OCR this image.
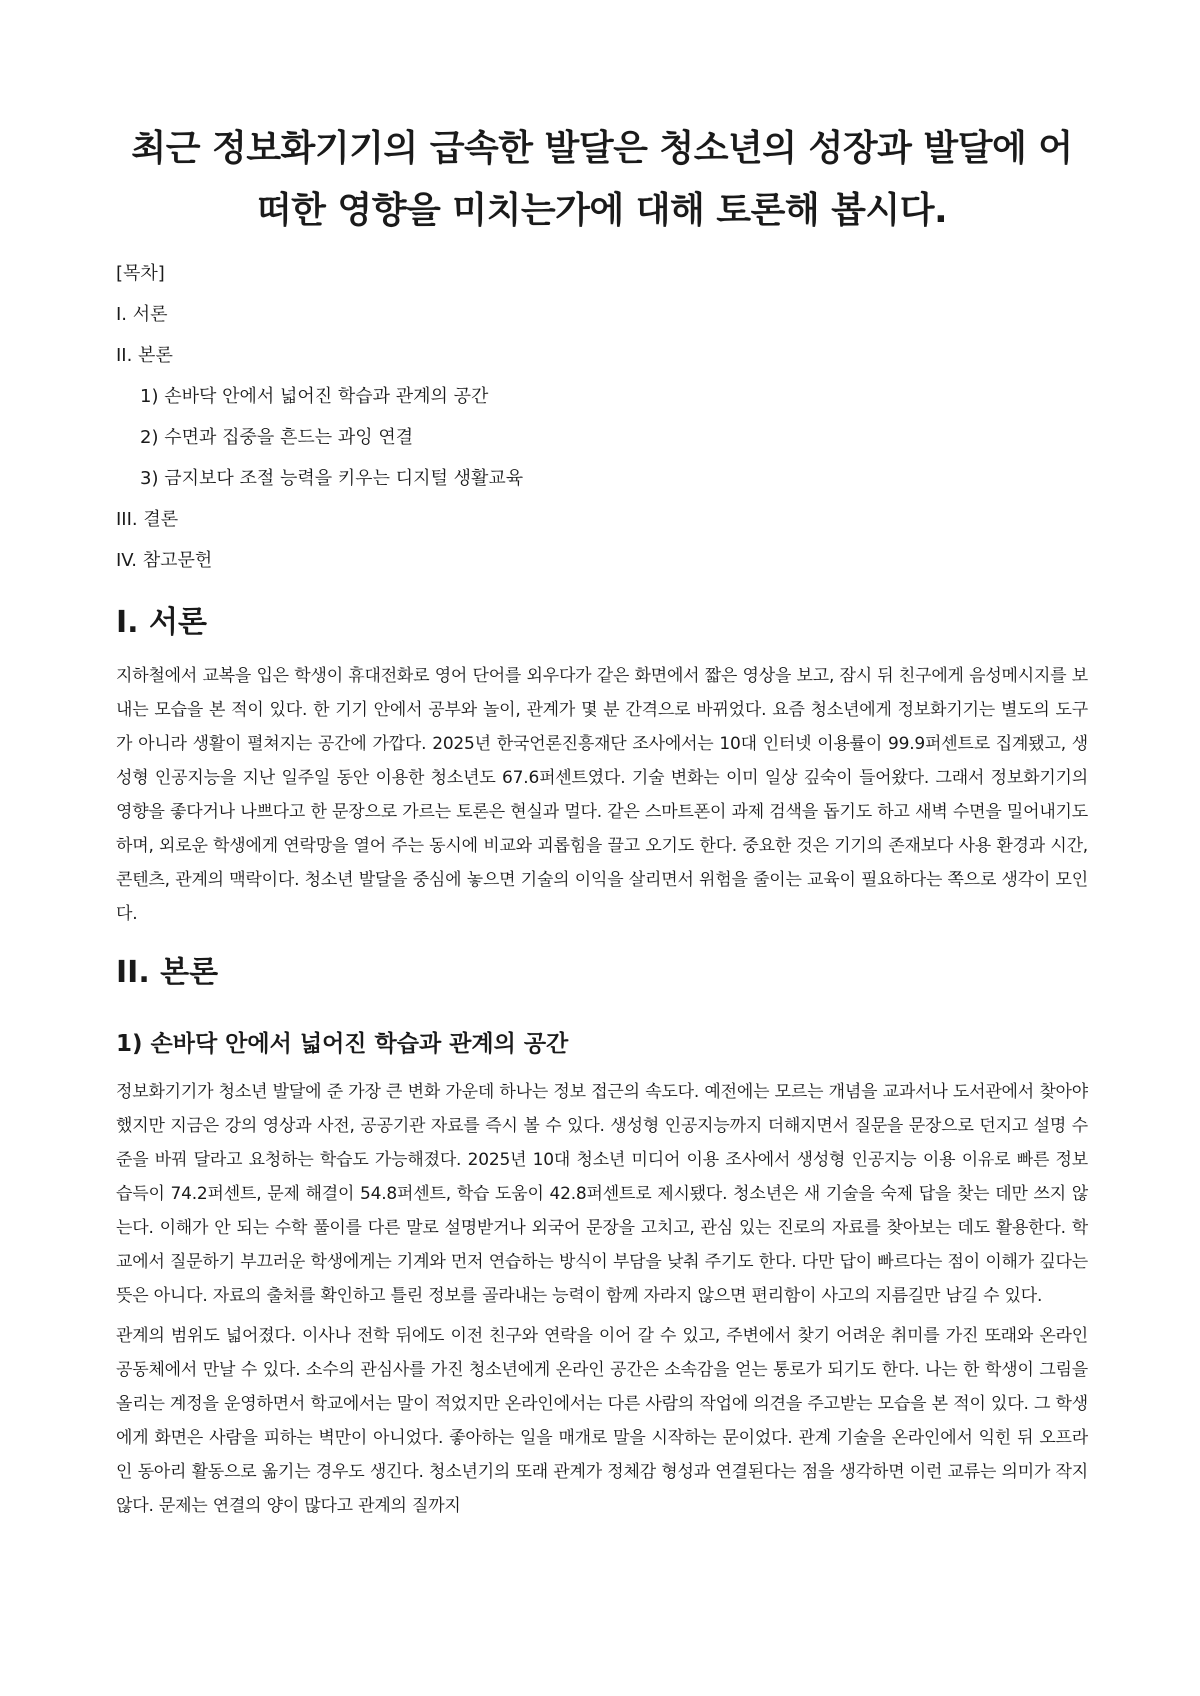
최근 정보화기기의 급속한 발달은 청소년의 성장과 발달에 어떠한 영향을 미치는가에 대해 토론해 봅시다.
[목차]
I. 서론
II. 본론
1) 손바닥 안에서 넓어진 학습과 관계의 공간
2) 수면과 집중을 흔드는 과잉 연결
3) 금지보다 조절 능력을 키우는 디지털 생활교육
III. 결론
IV. 참고문헌
I. 서론

지하철에서 교복을 입은 학생이 휴대전화로 영어 단어를 외우다가 같은 화면에서 짧은 영상을 보고, 잠시 뒤 친구에게 음성메시지를 보내는 모습을 본 적이 있다. 한 기기 안에서 공부와 놀이, 관계가 몇 분 간격으로 바뀌었다. 요즘 청소년에게 정보화기기는 별도의 도구가 아니라 생활이 펼쳐지는 공간에 가깝다. 2025년 한국언론진흥재단 조사에서는 10대 인터넷 이용률이 99.9퍼센트로 집계됐고, 생성형 인공지능을 지난 일주일 동안 이용한 청소년도 67.6퍼센트였다. 기술 변화는 이미 일상 깊숙이 들어왔다. 그래서 정보화기기의 영향을 좋다거나 나쁘다고 한 문장으로 가르는 토론은 현실과 멀다. 같은 스마트폰이 과제 검색을 돕기도 하고 새벽 수면을 밀어내기도 하며, 외로운 학생에게 연락망을 열어 주는 동시에 비교와 괴롭힘을 끌고 오기도 한다. 중요한 것은 기기의 존재보다 사용 환경과 시간, 콘텐츠, 관계의 맥락이다. 청소년 발달을 중심에 놓으면 기술의 이익을 살리면서 위험을 줄이는 교육이 필요하다는 쪽으로 생각이 모인다.

II. 본론
1) 손바닥 안에서 넓어진 학습과 관계의 공간

정보화기기가 청소년 발달에 준 가장 큰 변화 가운데 하나는 정보 접근의 속도다. 예전에는 모르는 개념을 교과서나 도서관에서 찾아야 했지만 지금은 강의 영상과 사전, 공공기관 자료를 즉시 볼 수 있다. 생성형 인공지능까지 더해지면서 질문을 문장으로 던지고 설명 수준을 바꿔 달라고 요청하는 학습도 가능해졌다. 2025년 10대 청소년 미디어 이용 조사에서 생성형 인공지능 이용 이유로 빠른 정보 습득이 74.2퍼센트, 문제 해결이 54.8퍼센트, 학습 도움이 42.8퍼센트로 제시됐다. 청소년은 새 기술을 숙제 답을 찾는 데만 쓰지 않는다. 이해가 안 되는 수학 풀이를 다른 말로 설명받거나 외국어 문장을 고치고, 관심 있는 진로의 자료를 찾아보는 데도 활용한다. 학교에서 질문하기 부끄러운 학생에게는 기계와 먼저 연습하는 방식이 부담을 낮춰 주기도 한다. 다만 답이 빠르다는 점이 이해가 깊다는 뜻은 아니다. 자료의 출처를 확인하고 틀린 정보를 골라내는 능력이 함께 자라지 않으면 편리함이 사고의 지름길만 남길 수 있다.

관계의 범위도 넓어졌다. 이사나 전학 뒤에도 이전 친구와 연락을 이어 갈 수 있고, 주변에서 찾기 어려운 취미를 가진 또래와 온라인 공동체에서 만날 수 있다. 소수의 관심사를 가진 청소년에게 온라인 공간은 소속감을 얻는 통로가 되기도 한다. 나는 한 학생이 그림을 올리는 계정을 운영하면서 학교에서는 말이 적었지만 온라인에서는 다른 사람의 작업에 의견을 주고받는 모습을 본 적이 있다. 그 학생에게 화면은 사람을 피하는 벽만이 아니었다. 좋아하는 일을 매개로 말을 시작하는 문이었다. 관계 기술을 온라인에서 익힌 뒤 오프라인 동아리 활동으로 옮기는 경우도 생긴다. 청소년기의 또래 관계가 정체감 형성과 연결된다는 점을 생각하면 이런 교류는 의미가 작지 않다. 문제는 연결의 양이 많다고 관계의 질까지
